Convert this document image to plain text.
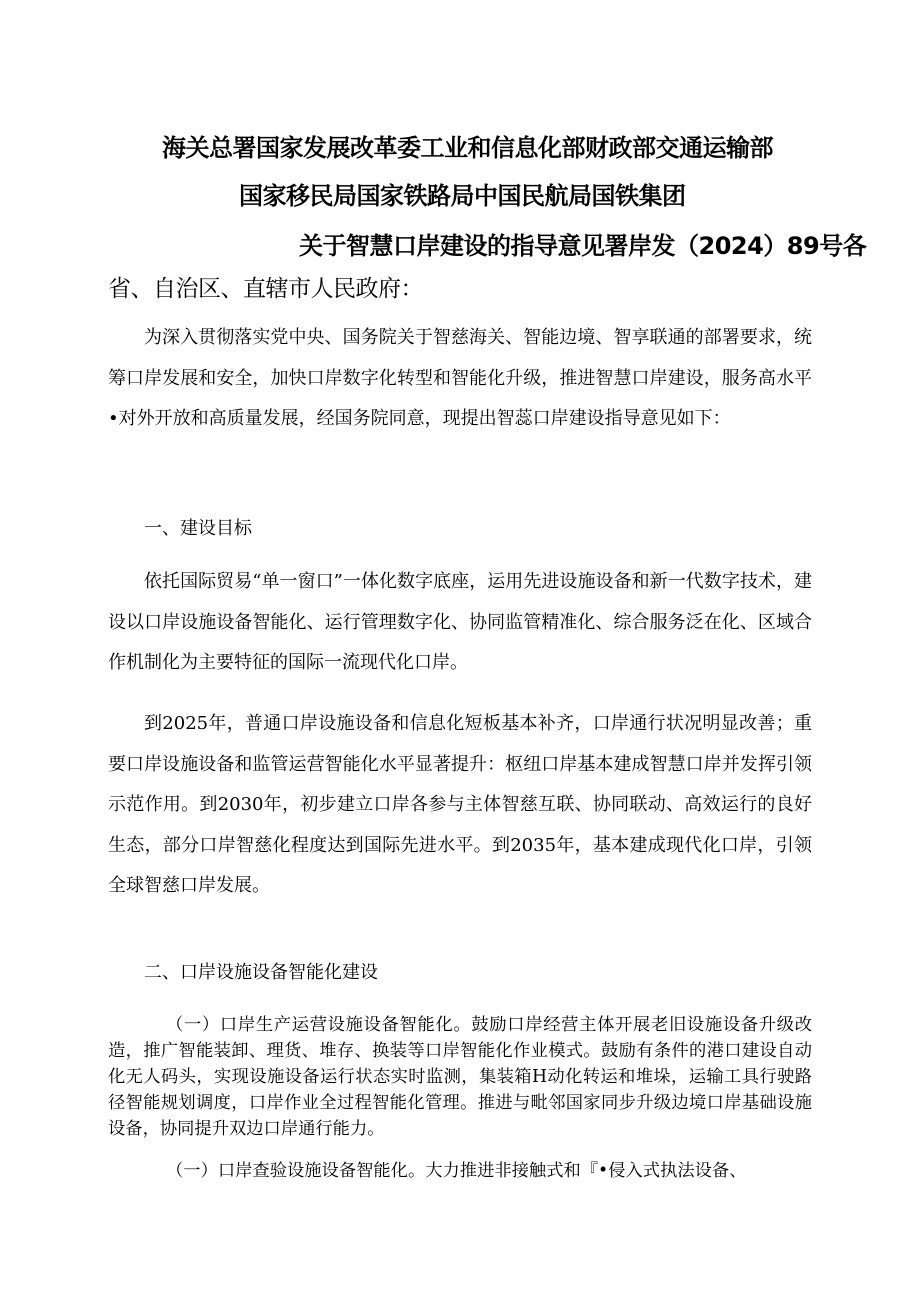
海关总署国家发展改革委工业和信息化部财政部交通运输部
国家移民局国家铁路局中国民航局国铁集团
关于智慧口岸建设的指导意见署岸发（2024）89号各
省、自治区、直辖市人民政府：
为深入贯彻落实党中央、国务院关于智慈海关、智能边境、智享联通的部署要求，统筹口岸发展和安全，加快口岸数字化转型和智能化升级，推进智慧口岸建设，服务高水平•对外开放和高质量发展，经国务院同意，现提出智蕊口岸建设指导意见如下：
一、建设目标
依托国际贸易“单一窗口”一体化数字底座，运用先进设施设备和新一代数字技术，建设以口岸设施设备智能化、运行管理数字化、协同监管精准化、综合服务泛在化、区域合作机制化为主要特征的国际一流现代化口岸。
到2025年，普通口岸设施设备和信息化短板基本补齐，口岸通行状况明显改善；重要口岸设施设备和监管运营智能化水平显著提升：枢纽口岸基本建成智慧口岸并发挥引领示范作用。到2030年，初步建立口岸各参与主体智慈互联、协同联动、高效运行的良好生态，部分口岸智慈化程度达到国际先进水平。到2035年，基本建成现代化口岸，引领全球智慈口岸发展。
二、口岸设施设备智能化建设
（一）口岸生产运营设施设备智能化。鼓励口岸经营主体开展老旧设施设备升级改造，推广智能装卸、理货、堆存、换装等口岸智能化作业模式。鼓励有条件的港口建设自动化无人码头，实现设施设备运行状态实时监测，集装箱H动化转运和堆垛，运输工具行驶路径智能规划调度，口岸作业全过程智能化管理。推进与毗邻国家同步升级边境口岸基础设施设备，协同提升双边口岸通行能力。
（一）口岸查验设施设备智能化。大力推进非接触式和『•侵入式执法设备、
